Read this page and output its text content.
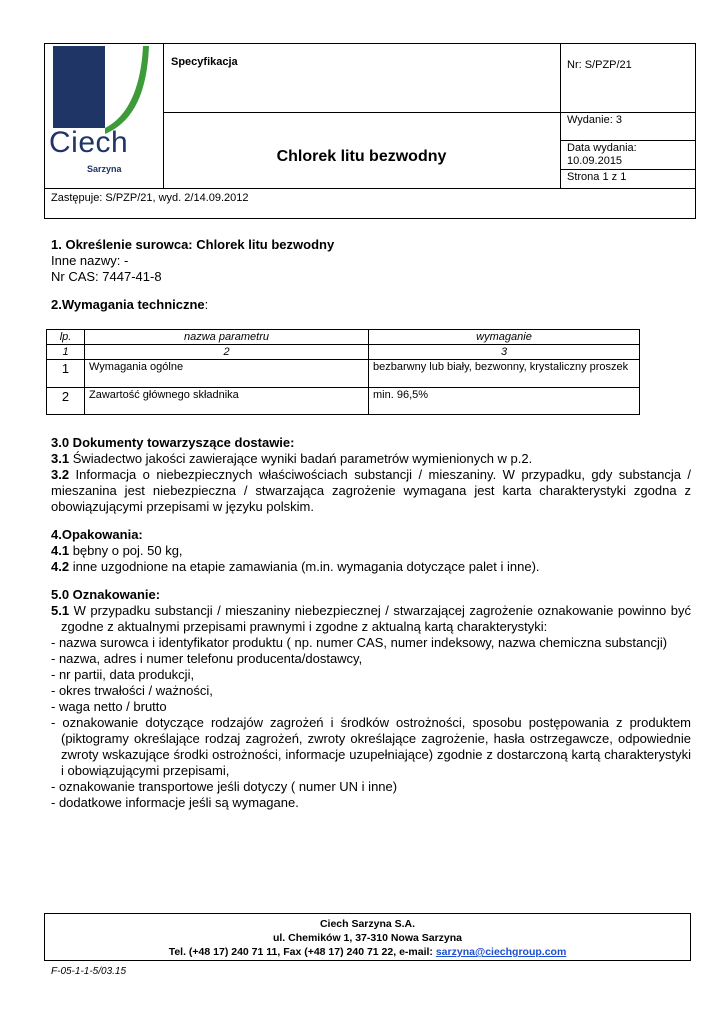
Ciech
Sarzyna
Specyfikacja	Nr: S/PZP/21
Wydanie: 3
Data wydania:
10.09.2015
Strona 1 z 1
Chlorek litu bezwodny
Zastępuje: S/PZP/21, wyd. 2/14.09.2012
1. Określenie surowca: Chlorek litu bezwodny
Inne nazwy: -
Nr CAS: 7447-41-8
2.Wymagania techniczne:
lp.	nazwa parametru	wymaganie
1	2	3
1	Wymagania ogólne	bezbarwny lub biały, bezwonny, krystaliczny proszek
2	Zawartość głównego składnika	min. 96,5%
3.0 Dokumenty towarzyszące dostawie:
3.1 Świadectwo jakości zawierające wyniki badań parametrów wymienionych w p.2.
3.2 Informacja o niebezpiecznych właściwościach substancji / mieszaniny. W przypadku, gdy substancja / mieszanina jest niebezpieczna / stwarzająca zagrożenie wymagana jest karta charakterystyki zgodna z obowiązującymi przepisami w języku polskim.
4.Opakowania:
4.1 bębny o poj. 50 kg,
4.2 inne uzgodnione na etapie zamawiania (m.in. wymagania dotyczące palet i inne).
5.0 Oznakowanie:
5.1 W przypadku substancji / mieszaniny niebezpiecznej / stwarzającej zagrożenie oznakowanie powinno być zgodne z aktualnymi przepisami prawnymi i zgodne z aktualną kartą charakterystyki:
- nazwa surowca i identyfikator produktu ( np. numer CAS, numer indeksowy, nazwa chemiczna substancji)
- nazwa, adres i numer telefonu producenta/dostawcy,
- nr partii, data produkcji,
- okres trwałości / ważności,
- waga netto / brutto
- oznakowanie dotyczące rodzajów zagrożeń i środków ostrożności, sposobu postępowania z produktem (piktogramy określające rodzaj zagrożeń, zwroty określające zagrożenie, hasła ostrzegawcze, odpowiednie zwroty wskazujące środki ostrożności, informacje uzupełniające) zgodnie z dostarczoną kartą charakterystyki i obowiązującymi przepisami,
- oznakowanie transportowe jeśli dotyczy ( numer UN i inne)
- dodatkowe informacje jeśli są wymagane.
Ciech Sarzyna S.A.
ul. Chemików 1, 37-310 Nowa Sarzyna
Tel. (+48 17) 240 71 11, Fax (+48 17) 240 71 22, e-mail: sarzyna@ciechgroup.com
F-05-1-1-5/03.15
